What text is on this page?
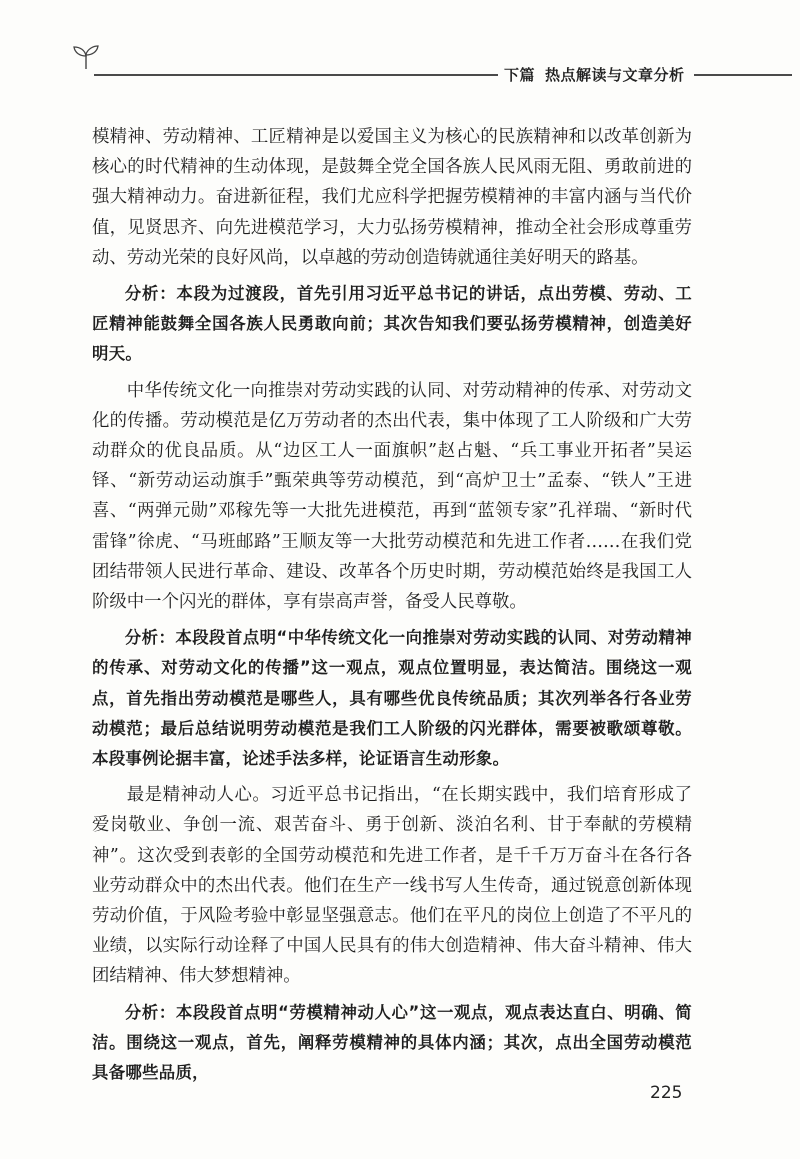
下篇 热点解读与文章分析

模精神、劳动精神、工匠精神是以爱国主义为核心的民族精神和以改革创新为核心的时代精神的生动体现，是鼓舞全党全国各族人民风雨无阻、勇敢前进的强大精神动力。奋进新征程，我们尤应科学把握劳模精神的丰富内涵与当代价值，见贤思齐、向先进模范学习，大力弘扬劳模精神，推动全社会形成尊重劳动、劳动光荣的良好风尚，以卓越的劳动创造铸就通往美好明天的路基。

分析：本段为过渡段，首先引用习近平总书记的讲话，点出劳模、劳动、工匠精神能鼓舞全国各族人民勇敢向前；其次告知我们要弘扬劳模精神，创造美好明天。

中华传统文化一向推崇对劳动实践的认同、对劳动精神的传承、对劳动文化的传播。劳动模范是亿万劳动者的杰出代表，集中体现了工人阶级和广大劳动群众的优良品质。从“边区工人一面旗帜”赵占魁、“兵工事业开拓者”吴运铎、“新劳动运动旗手”甄荣典等劳动模范，到“高炉卫士”孟泰、“铁人”王进喜、“两弹元勋”邓稼先等一大批先进模范，再到“蓝领专家”孔祥瑞、“新时代雷锋”徐虎、“马班邮路”王顺友等一大批劳动模范和先进工作者……在我们党团结带领人民进行革命、建设、改革各个历史时期，劳动模范始终是我国工人阶级中一个闪光的群体，享有崇高声誉，备受人民尊敬。

分析：本段段首点明“中华传统文化一向推崇对劳动实践的认同、对劳动精神的传承、对劳动文化的传播”这一观点，观点位置明显，表达简洁。围绕这一观点，首先指出劳动模范是哪些人，具有哪些优良传统品质；其次列举各行各业劳动模范；最后总结说明劳动模范是我们工人阶级的闪光群体，需要被歌颂尊敬。本段事例论据丰富，论述手法多样，论证语言生动形象。

最是精神动人心。习近平总书记指出，“在长期实践中，我们培育形成了爱岗敬业、争创一流、艰苦奋斗、勇于创新、淡泊名利、甘于奉献的劳模精神”。这次受到表彰的全国劳动模范和先进工作者，是千千万万奋斗在各行各业劳动群众中的杰出代表。他们在生产一线书写人生传奇，通过锐意创新体现劳动价值，于风险考验中彰显坚强意志。他们在平凡的岗位上创造了不平凡的业绩，以实际行动诠释了中国人民具有的伟大创造精神、伟大奋斗精神、伟大团结精神、伟大梦想精神。

分析：本段段首点明“劳模精神动人心”这一观点，观点表达直白、明确、简洁。围绕这一观点，首先，阐释劳模精神的具体内涵；其次，点出全国劳动模范具备哪些品质，

225
